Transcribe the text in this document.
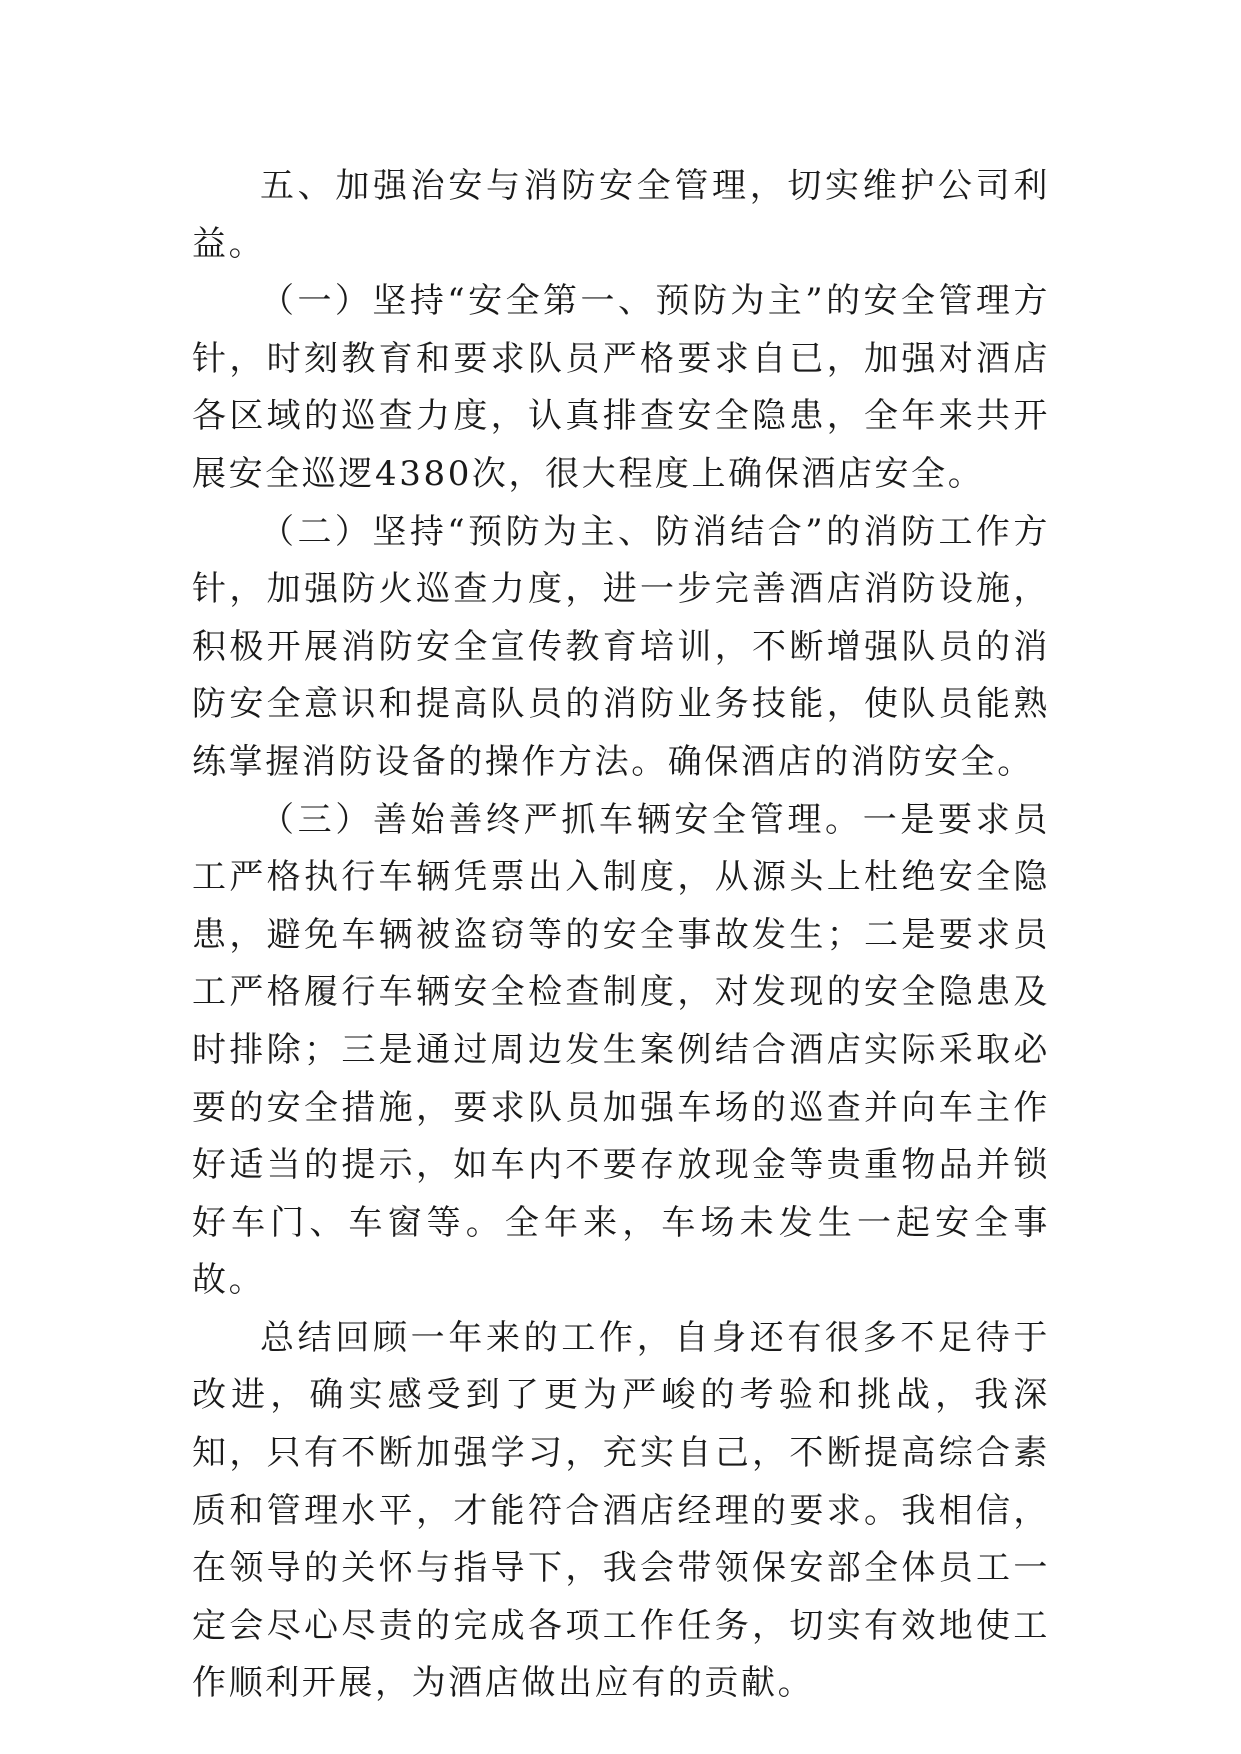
五、加强治安与消防安全管理，切实维护公司利益。

（一）坚持“安全第一、预防为主”的安全管理方针，时刻教育和要求队员严格要求自已，加强对酒店各区域的巡查力度，认真排查安全隐患，全年来共开展安全巡逻4380次，很大程度上确保酒店安全。

（二）坚持“预防为主、防消结合”的消防工作方针，加强防火巡查力度，进一步完善酒店消防设施，积极开展消防安全宣传教育培训，不断增强队员的消防安全意识和提高队员的消防业务技能，使队员能熟练掌握消防设备的操作方法。确保酒店的消防安全。

（三）善始善终严抓车辆安全管理。一是要求员工严格执行车辆凭票出入制度，从源头上杜绝安全隐患，避免车辆被盗窃等的安全事故发生；二是要求员工严格履行车辆安全检查制度，对发现的安全隐患及时排除；三是通过周边发生案例结合酒店实际采取必要的安全措施，要求队员加强车场的巡查并向车主作好适当的提示，如车内不要存放现金等贵重物品并锁好车门、车窗等。全年来，车场未发生一起安全事故。

总结回顾一年来的工作，自身还有很多不足待于改进，确实感受到了更为严峻的考验和挑战，我深知，只有不断加强学习，充实自己，不断提高综合素质和管理水平，才能符合酒店经理的要求。我相信，在领导的关怀与指导下，我会带领保安部全体员工一定会尽心尽责的完成各项工作任务，切实有效地使工作顺利开展，为酒店做出应有的贡献。
